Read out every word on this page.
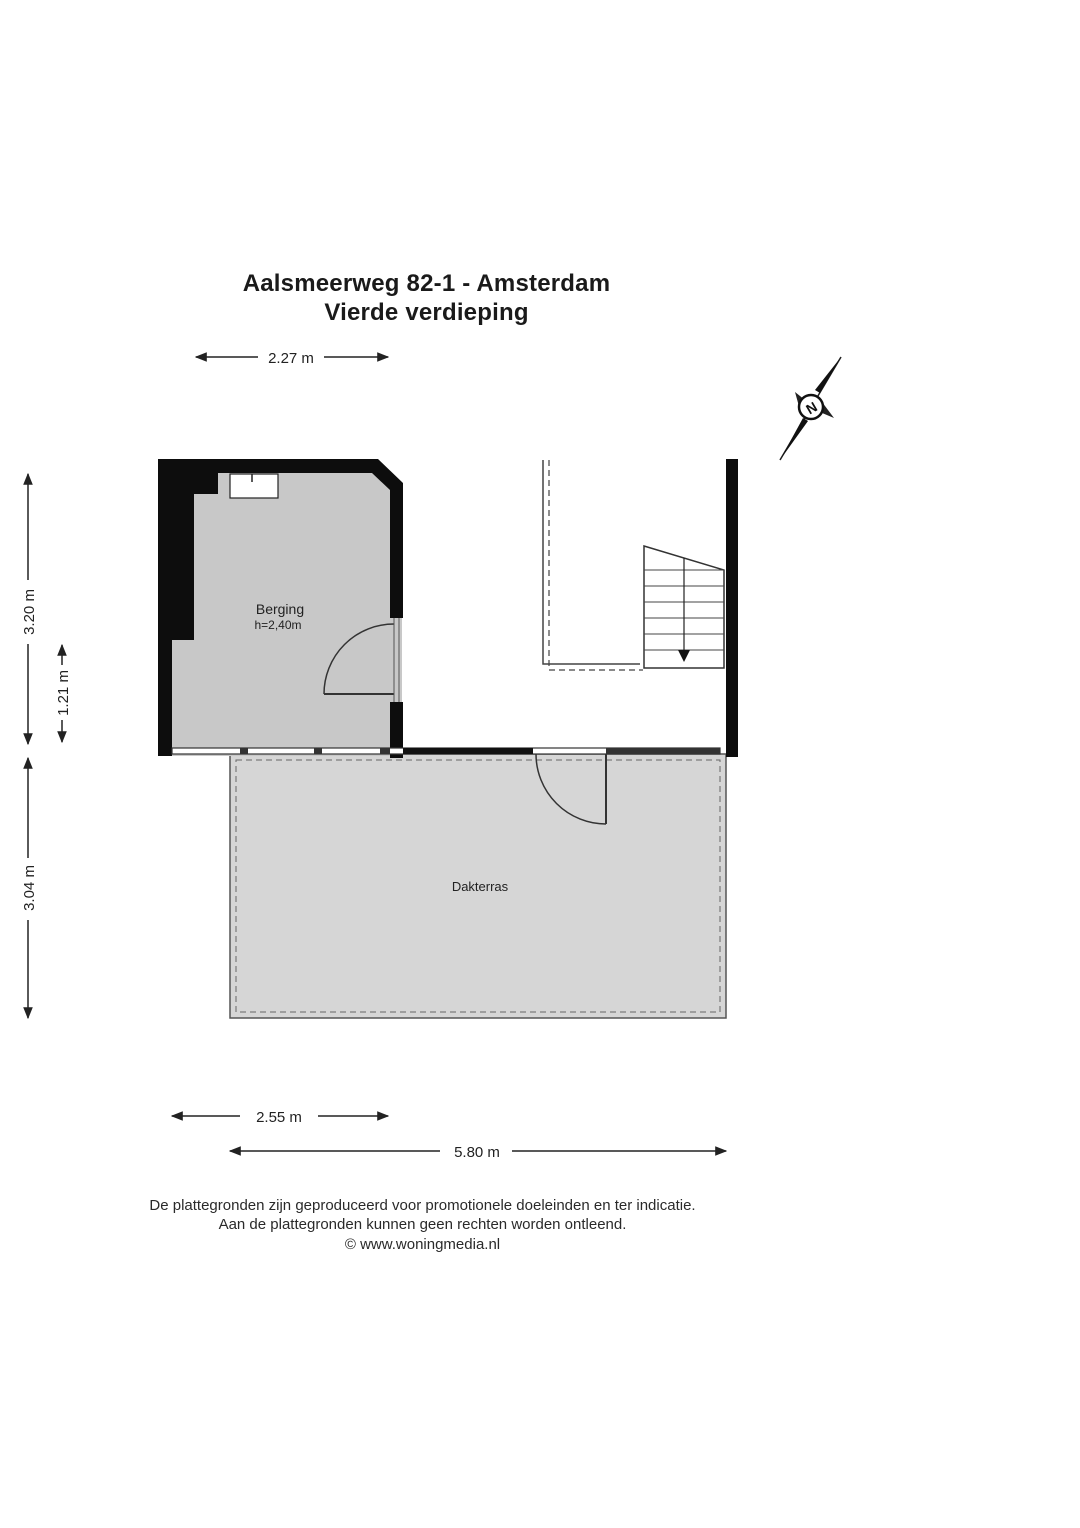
Aalsmeerweg 82-1 - Amsterdam
Vierde verdieping
2.27 m
3.20 m
1.21 m
3.04 m
2.55 m
5.80 m
N
Dakterras
Berging
h=2,40m
De plattegronden zijn geproduceerd voor promotionele doeleinden en ter indicatie.
Aan de plattegronden kunnen geen rechten worden ontleend.
© www.woningmedia.nl
